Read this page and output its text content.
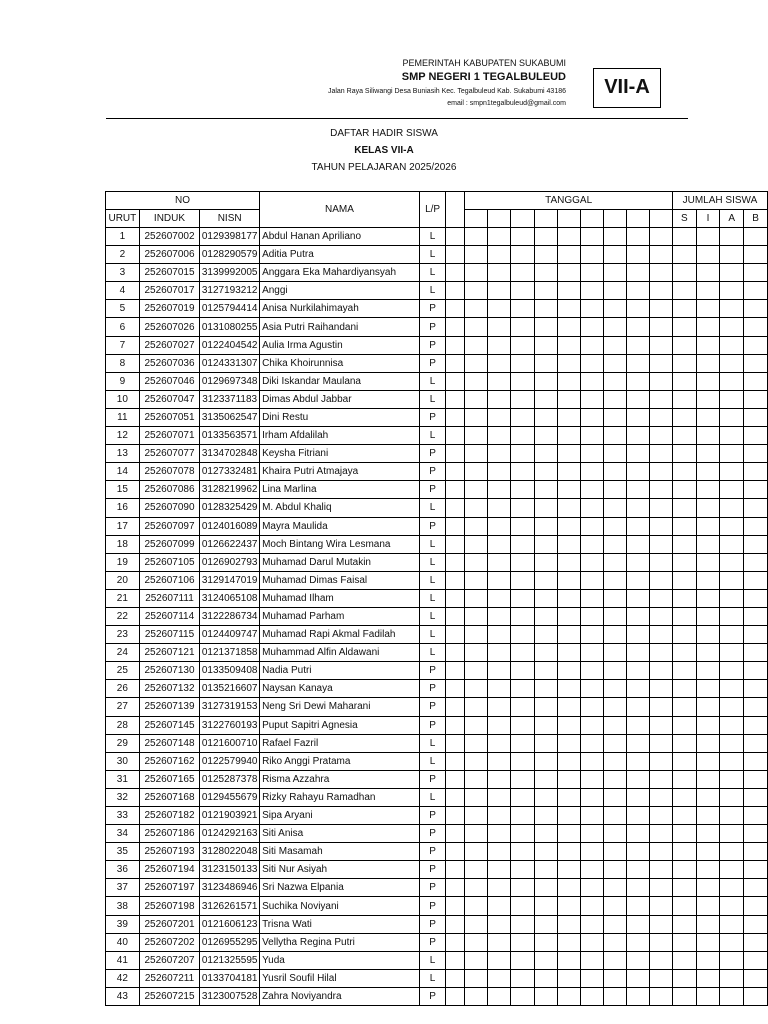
PEMERINTAH KABUPATEN SUKABUMI
SMP NEGERI 1 TEGALBULEUD
Jalan Raya Siliwangi Desa Buniasih Kec. Tegalbuleud Kab. Sukabumi 43186
email : smpn1tegalbuleud@gmail.com
VII-A
DAFTAR HADIR SISWA
KELAS VII-A
TAHUN PELAJARAN 2025/2026
NO			NAMA	L/P		TANGGAL									JUMLAH SISWA			
URUT	INDUK	NISN													S	I	A	B
1	252607002	0129398177	Abdul Hanan Apriliano	L														
2	252607006	0128290579	Aditia Putra	L														
3	252607015	3139992005	Anggara Eka Mahardiyansyah	L														
4	252607017	3127193212	Anggi	L														
5	252607019	0125794414	Anisa Nurkilahimayah	P														
6	252607026	0131080255	Asia Putri Raihandani	P														
7	252607027	0122404542	Aulia Irma Agustin	P														
8	252607036	0124331307	Chika Khoirunnisa	P														
9	252607046	0129697348	Diki Iskandar Maulana	L														
10	252607047	3123371183	Dimas Abdul Jabbar	L														
11	252607051	3135062547	Dini Restu	P														
12	252607071	0133563571	Irham Afdalilah	L														
13	252607077	3134702848	Keysha Fitriani	P														
14	252607078	0127332481	Khaira Putri Atmajaya	P														
15	252607086	3128219962	Lina Marlina	P														
16	252607090	0128325429	M. Abdul Khaliq	L														
17	252607097	0124016089	Mayra Maulida	P														
18	252607099	0126622437	Moch Bintang Wira Lesmana	L														
19	252607105	0126902793	Muhamad Darul Mutakin	L														
20	252607106	3129147019	Muhamad Dimas Faisal	L														
21	252607111	3124065108	Muhamad Ilham	L														
22	252607114	3122286734	Muhamad Parham	L														
23	252607115	0124409747	Muhamad Rapi Akmal Fadilah	L														
24	252607121	0121371858	Muhammad Alfin Aldawani	L														
25	252607130	0133509408	Nadia Putri	P														
26	252607132	0135216607	Naysan Kanaya	P														
27	252607139	3127319153	Neng Sri Dewi Maharani	P														
28	252607145	3122760193	Puput Sapitri Agnesia	P														
29	252607148	0121600710	Rafael Fazril	L														
30	252607162	0122579940	Riko Anggi Pratama	L														
31	252607165	0125287378	Risma Azzahra	P														
32	252607168	0129455679	Rizky Rahayu Ramadhan	L														
33	252607182	0121903921	Sipa Aryani	P														
34	252607186	0124292163	Siti Anisa	P														
35	252607193	3128022048	Siti Masamah	P														
36	252607194	3123150133	Siti Nur Asiyah	P														
37	252607197	3123486946	Sri Nazwa Elpania	P														
38	252607198	3126261571	Suchika Noviyani	P														
39	252607201	0121606123	Trisna Wati	P														
40	252607202	0126955295	Vellytha Regina Putri	P														
41	252607207	0121325595	Yuda	L														
42	252607211	0133704181	Yusril Soufil Hilal	L														
43	252607215	3123007528	Zahra Noviyandra	P														
